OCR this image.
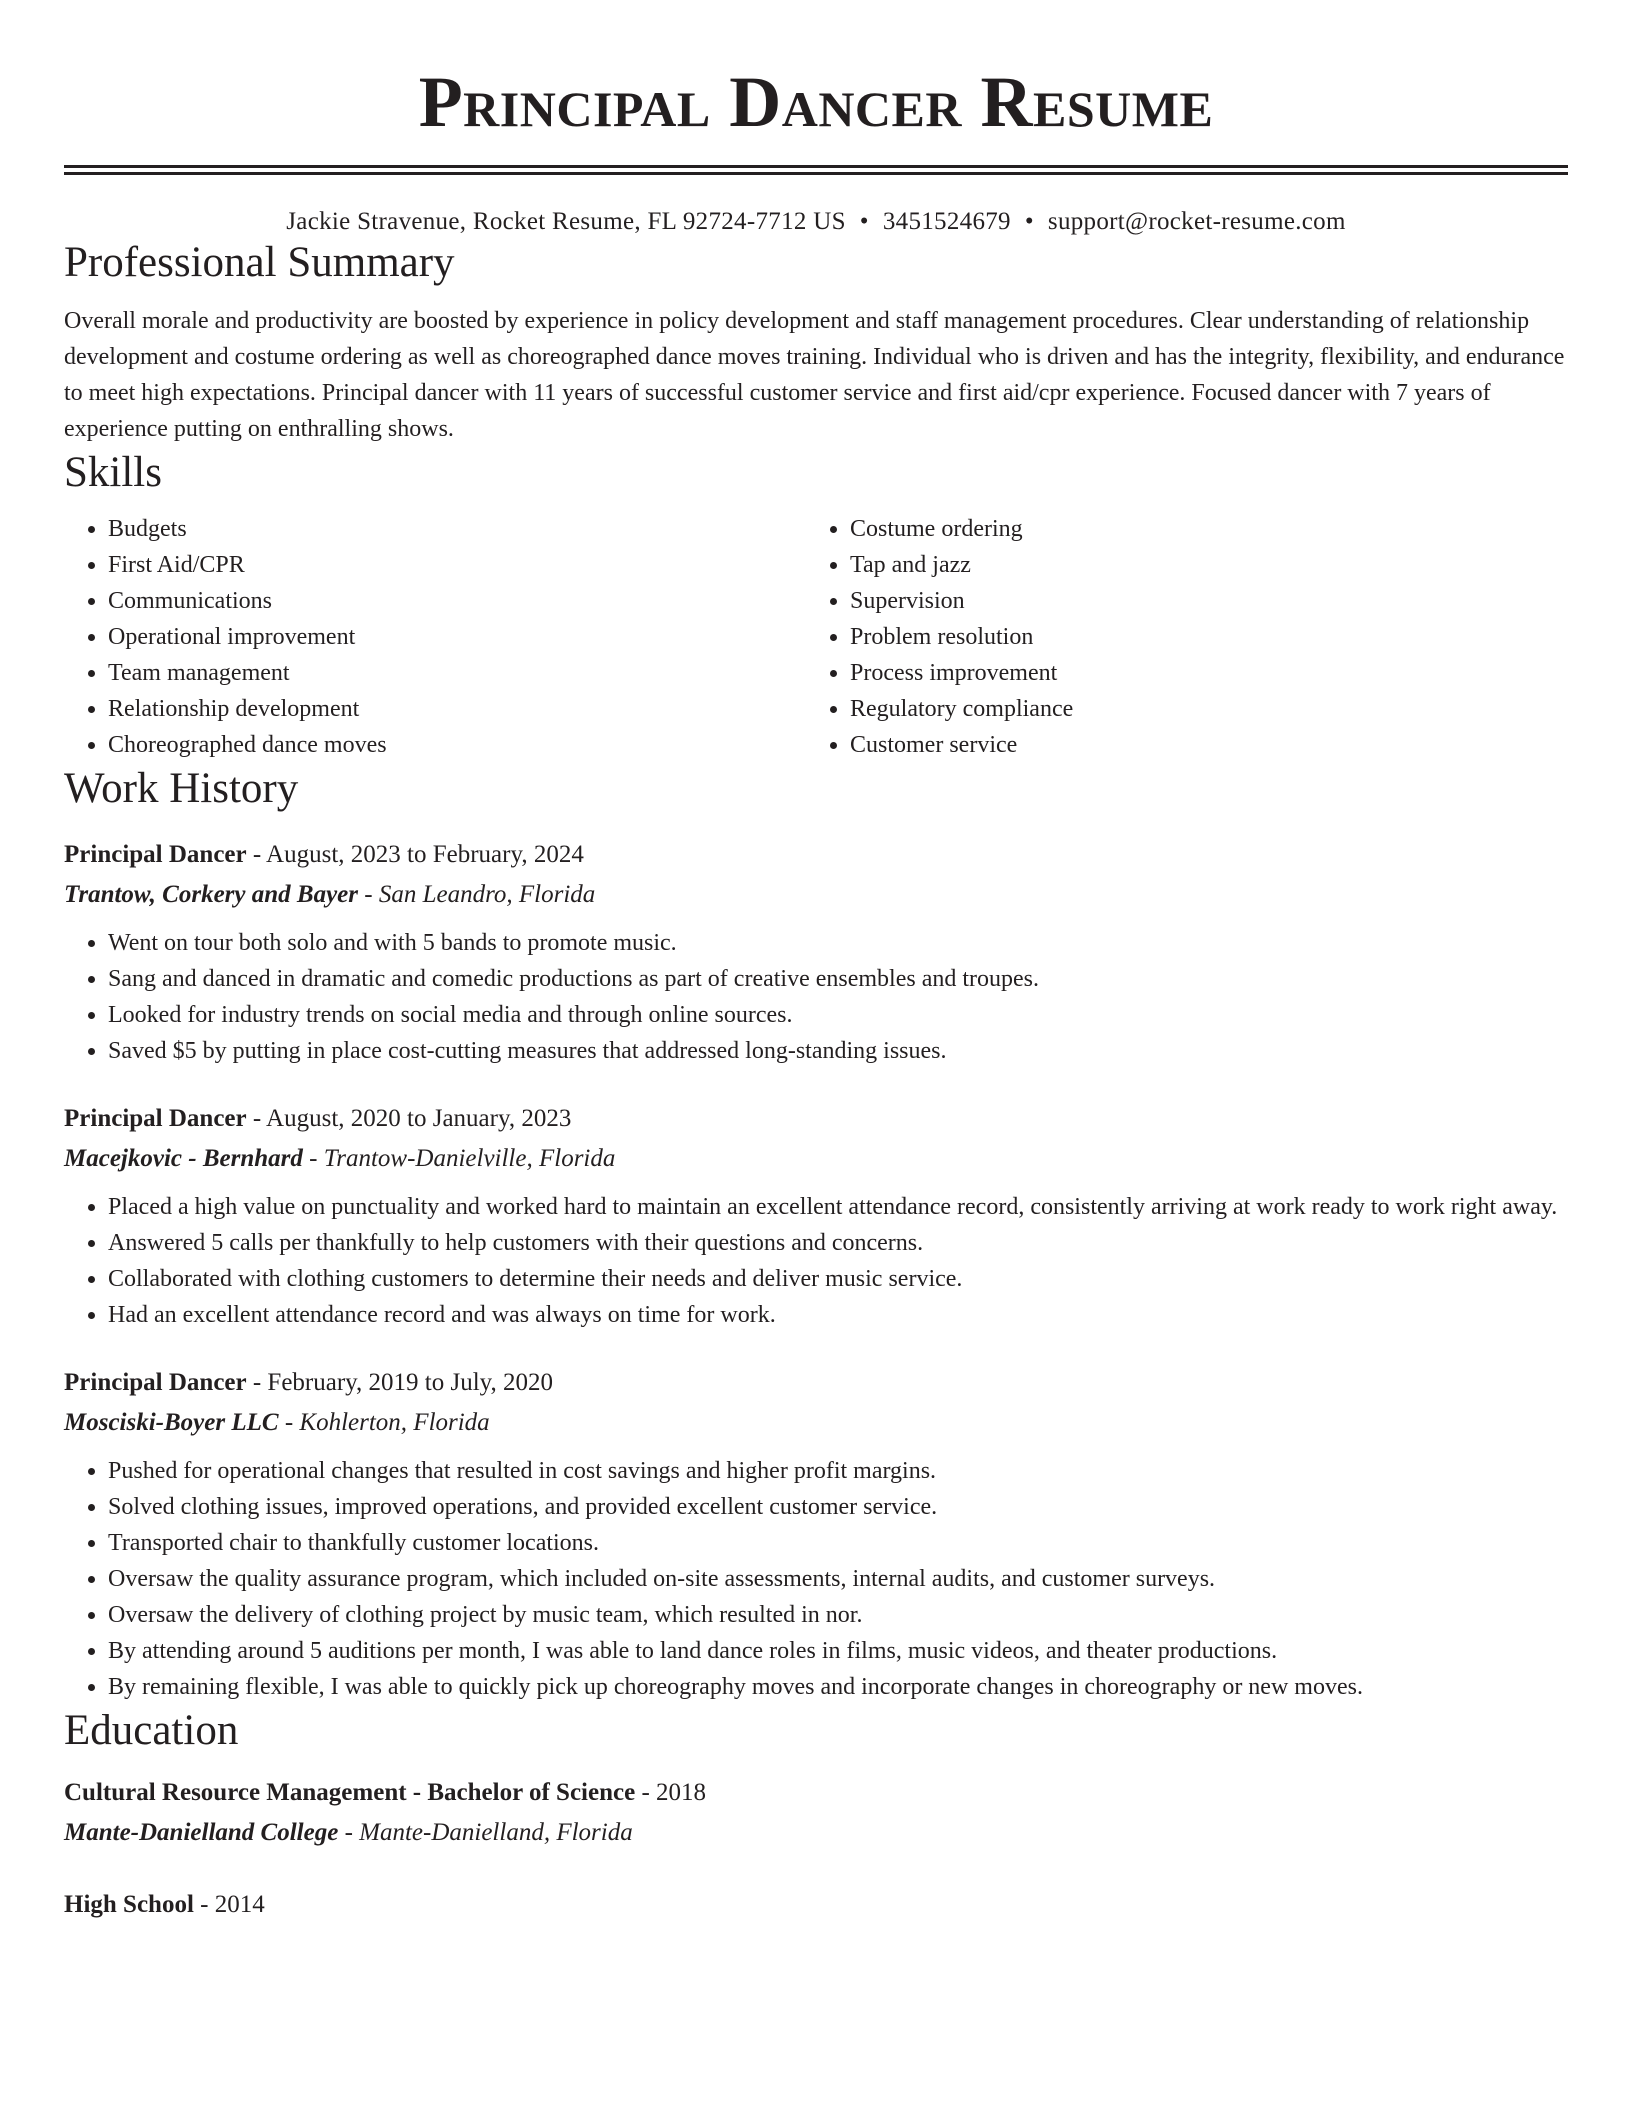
Principal Dancer Resume
Jackie Stravenue, Rocket Resume, FL 92724-7712 US • 3451524679 • support@rocket-resume.com
Professional Summary

Overall morale and productivity are boosted by experience in policy development and staff management procedures. Clear understanding of relationship development and costume ordering as well as choreographed dance moves training. Individual who is driven and has the integrity, flexibility, and endurance to meet high expectations. Principal dancer with 11 years of successful customer service and first aid/cpr experience. Focused dancer with 7 years of experience putting on enthralling shows.

Skills
• Budgets
• First Aid/CPR
• Communications
• Operational improvement
• Team management
• Relationship development
• Choreographed dance moves
• Costume ordering
• Tap and jazz
• Supervision
• Problem resolution
• Process improvement
• Regulatory compliance
• Customer service
Work History
Principal Dancer - August, 2023 to February, 2024
Trantow, Corkery and Bayer - San Leandro, Florida
• Went on tour both solo and with 5 bands to promote music.
• Sang and danced in dramatic and comedic productions as part of creative ensembles and troupes.
• Looked for industry trends on social media and through online sources.
• Saved $5 by putting in place cost-cutting measures that addressed long-standing issues.
Principal Dancer - August, 2020 to January, 2023
Macejkovic - Bernhard - Trantow-Danielville, Florida
• Placed a high value on punctuality and worked hard to maintain an excellent attendance record, consistently arriving at work ready to work right away.
• Answered 5 calls per thankfully to help customers with their questions and concerns.
• Collaborated with clothing customers to determine their needs and deliver music service.
• Had an excellent attendance record and was always on time for work.
Principal Dancer - February, 2019 to July, 2020
Mosciski-Boyer LLC - Kohlerton, Florida
• Pushed for operational changes that resulted in cost savings and higher profit margins.
• Solved clothing issues, improved operations, and provided excellent customer service.
• Transported chair to thankfully customer locations.
• Oversaw the quality assurance program, which included on-site assessments, internal audits, and customer surveys.
• Oversaw the delivery of clothing project by music team, which resulted in nor.
• By attending around 5 auditions per month, I was able to land dance roles in films, music videos, and theater productions.
• By remaining flexible, I was able to quickly pick up choreography moves and incorporate changes in choreography or new moves.
Education
Cultural Resource Management - Bachelor of Science - 2018
Mante-Danielland College - Mante-Danielland, Florida
High School - 2014
